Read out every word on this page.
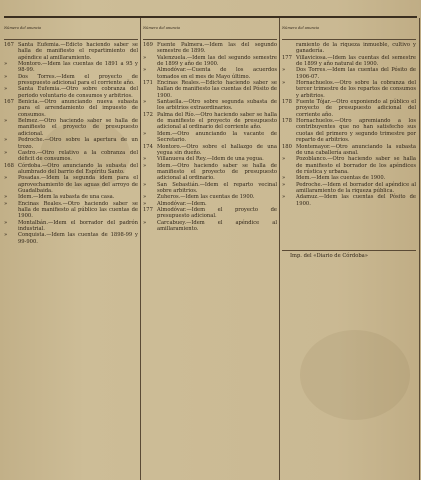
Número del anuncio
167 Santa Eufemia.—Edicto haciendo saber se halla de manifiesto el repartimiento del apéndice al amillaramiento.
»	Montoro.—Idem las cuentas de 1891 a 95 y 98-99.
»	Dos Torres.—Idem el proyecto de presupuesto adicional para el corriente año.
»	Santa Eufemia.—Otro sobre cobranza del periodo voluntario de consumos y arbitrios.
167 Benicia.—Otro anunciando nueva subasta para el arrendamiento del impuesto de consumos.
»	Belmez.—Otro haciendo saber se halla de manifiesto el proyecto de presupuesto adicional.
»	Pedroche.—Otro sobre la apertura de un trozo.
»	Castro.—Otro relativo a la cobranza del déficit de consumos.
168 Córdoba.—Otro anunciando la subasta del alumbrado del barrio del Espíritu Santo.
»	Posadas.—Idem la segunda idem para el aprovechamiento de las aguas del arroyo de Guadalbaida.
»	Idem.—Idem la subasta de una casa.
»	Encinas Reales.—Otro haciendo saber se halla de manifiesto al público las cuentas de 1900.
»	Montalbán.—Idem el borrador del padrón industrial.
»	Conquista.—Idem las cuentas de 1898-99 y 99-900.
Número del anuncio
169 Fuente Palmera.—Idem las del segundo semestre de 1899.
»	Valenzuela.—Idem las del segundo semestre de 1899 y año de 1900.
»	Almodóvar.—Cuenta de los acuerdos tomados en el mes de Mayo último.
171 Encinas Reales.—Edicto haciendo saber se hallan de manifiesto las cuentas del Pósito de 1900.
»	Santaella.—Otro sobre segunda subasta de los arbitrios extraordinarios.
172 Palma del Río.—Otro haciendo saber se halla de manifiesto el proyecto de presupuesto adicional al ordinario del corriente año.
»	Idem.—Otro anunciando la vacante de Secretario.
174 Montoro.—Otro sobre el hallazgo de una yegua sin dueño.
»	Villanueva del Rey.—Idem de una yegua.
»	Idem.—Otro haciendo saber se halla de manifiesto el proyecto de presupuesto adicional al ordinario.
»	San Sebastián.—Idem el reparto vecinal sobre arbitrios.
»	Zuheros.—Idem las cuentas de 1900.
»	Almodóvar.—Idem.
177 Almodóvar.—Idem el proyecto de presupuesto adicional.
»	Carcabuey.—Idem el apéndice al amillaramiento.
Número del anuncio
ramiento de la riqueza inmueble, cultivo y ganadería.
177 Villaviciosa.—Idem las cuentas del semestre de 1899 y año natural de 1900.
»	Dos Torres.—Idem las cuentas del Pósito de 1906-07.
»	Hornachuelos.—Otro sobre la cobranza del tercer trimestre de los repartos de consumos y arbitrios.
178 Fuente Tójar.—Otro exponiendo al público el proyecto de presupuesto adicional del corriente año.
178 Hornachuelos.—Otro apremiando a los contribuyentes que no han satisfecho sus cuotas del primero y segundo trimestre por reparto de arbitrios.
180 Montemayor.—Otro anunciando la subasta de una caballería asnal.
»	Pozoblanco.—Otro haciendo saber se halla de manifiesto el borrador de los apéndices de rústica y urbana.
»	Idem.—Idem las cuentas de 1900.
»	Pedroche.—Idem el borrador del apéndice al amillaramiento de la riqueza pública.
»	Adamuz.—Idem las cuentas del Pósito de 1900.
Imp. del «Diario de Córdoba»
